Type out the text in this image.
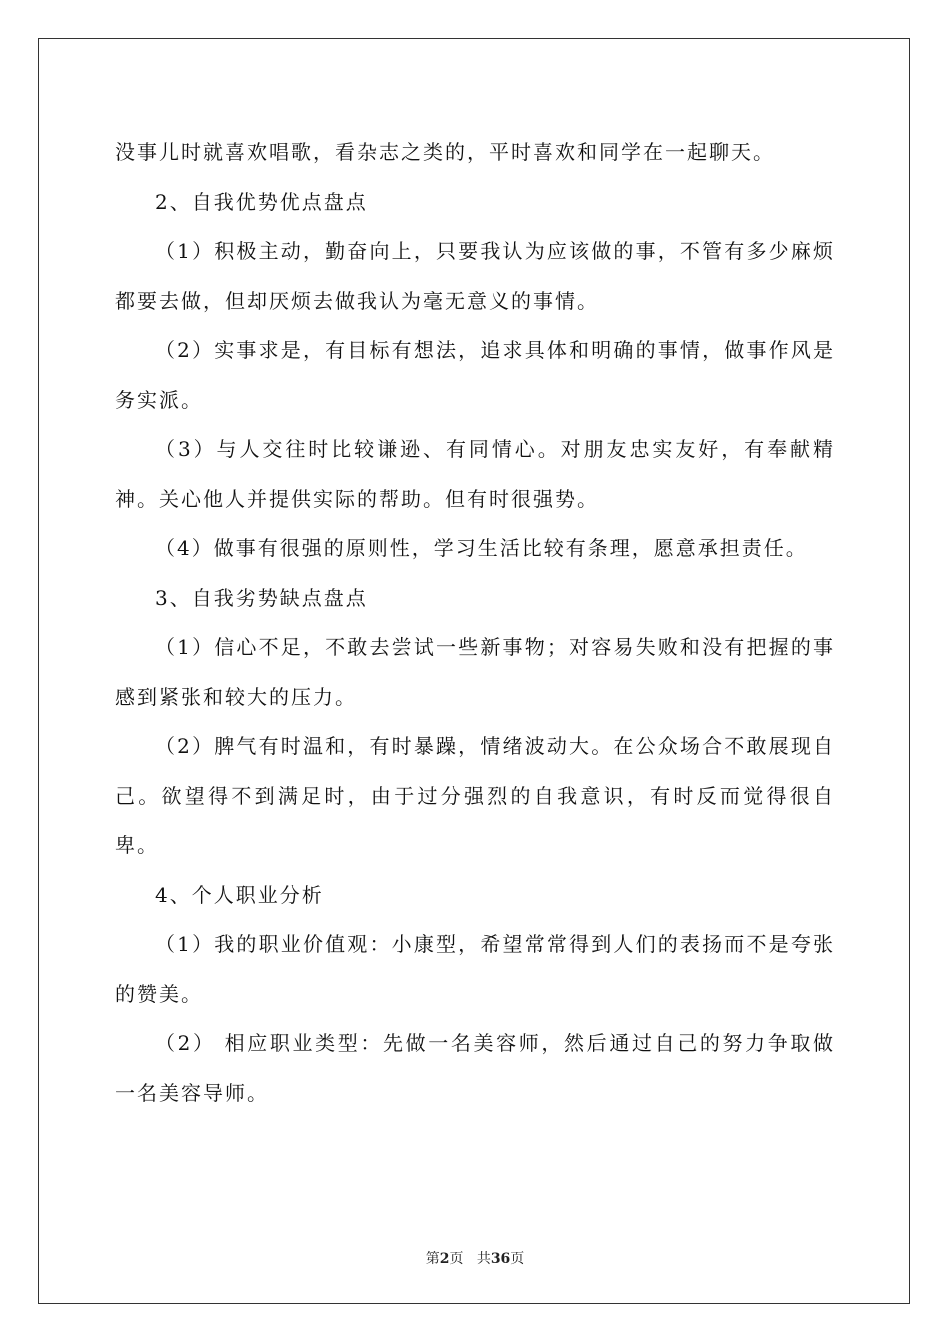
没事儿时就喜欢唱歌，看杂志之类的，平时喜欢和同学在一起聊天。

2、自我优势优点盘点

（1）积极主动，勤奋向上，只要我认为应该做的事，不管有多少麻烦都要去做，但却厌烦去做我认为毫无意义的事情。

（2）实事求是，有目标有想法，追求具体和明确的事情，做事作风是务实派。

（3）与人交往时比较谦逊、有同情心。对朋友忠实友好，有奉献精神。关心他人并提供实际的帮助。但有时很强势。

（4）做事有很强的原则性，学习生活比较有条理，愿意承担责任。

3、自我劣势缺点盘点

（1）信心不足，不敢去尝试一些新事物；对容易失败和没有把握的事感到紧张和较大的压力。

（2）脾气有时温和，有时暴躁，情绪波动大。在公众场合不敢展现自己。欲望得不到满足时，由于过分强烈的自我意识，有时反而觉得很自卑。

4、个人职业分析

（1）我的职业价值观：小康型，希望常常得到人们的表扬而不是夸张的赞美。

（2） 相应职业类型：先做一名美容师，然后通过自己的努力争取做一名美容导师。

第2页 共36页
